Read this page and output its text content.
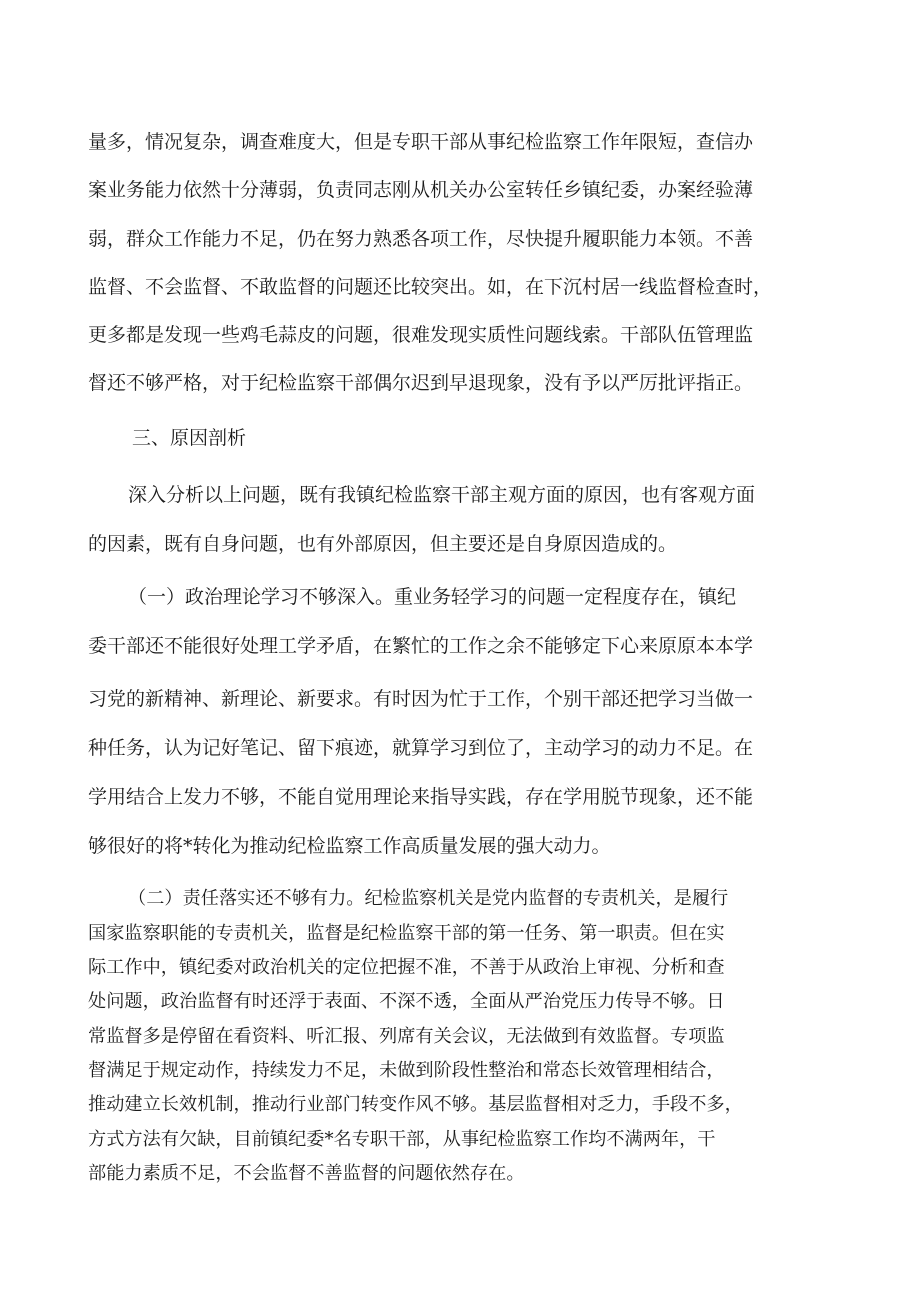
量多，情况复杂，调查难度大，但是专职干部从事纪检监察工作年限短，查信办
案业务能力依然十分薄弱，负责同志刚从机关办公室转任乡镇纪委，办案经验薄
弱，群众工作能力不足，仍在努力熟悉各项工作，尽快提升履职能力本领。不善
监督、不会监督、不敢监督的问题还比较突出。如，在下沉村居一线监督检查时，
更多都是发现一些鸡毛蒜皮的问题，很难发现实质性问题线索。干部队伍管理监
督还不够严格，对于纪检监察干部偶尔迟到早退现象，没有予以严厉批评指正。
三、原因剖析
深入分析以上问题，既有我镇纪检监察干部主观方面的原因，也有客观方面
的因素，既有自身问题，也有外部原因，但主要还是自身原因造成的。
（一）政治理论学习不够深入。重业务轻学习的问题一定程度存在，镇纪
委干部还不能很好处理工学矛盾，在繁忙的工作之余不能够定下心来原原本本学
习党的新精神、新理论、新要求。有时因为忙于工作，个别干部还把学习当做一
种任务，认为记好笔记、留下痕迹，就算学习到位了，主动学习的动力不足。在
学用结合上发力不够，不能自觉用理论来指导实践，存在学用脱节现象，还不能
够很好的将*转化为推动纪检监察工作高质量发展的强大动力。
（二）责任落实还不够有力。纪检监察机关是党内监督的专责机关，是履行
国家监察职能的专责机关，监督是纪检监察干部的第一任务、第一职责。但在实
际工作中，镇纪委对政治机关的定位把握不准，不善于从政治上审视、分析和查
处问题，政治监督有时还浮于表面、不深不透，全面从严治党压力传导不够。日
常监督多是停留在看资料、听汇报、列席有关会议，无法做到有效监督。专项监
督满足于规定动作，持续发力不足，未做到阶段性整治和常态长效管理相结合，
推动建立长效机制，推动行业部门转变作风不够。基层监督相对乏力，手段不多，
方式方法有欠缺，目前镇纪委*名专职干部，从事纪检监察工作均不满两年，干
部能力素质不足，不会监督不善监督的问题依然存在。
